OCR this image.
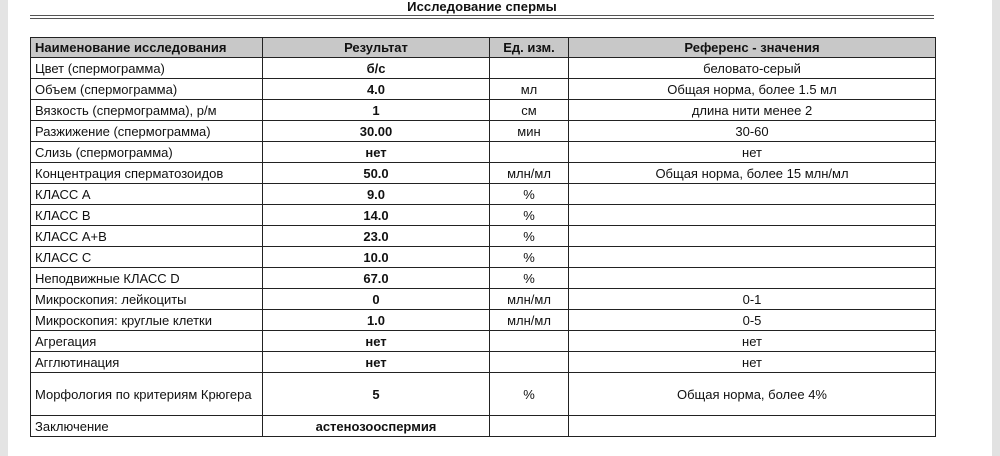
Исследование спермы
Наименование исследования	Результат	Ед. изм.	Референс - значения
Цвет (спермограмма)	б/с		беловато-серый
Объем (спермограмма)	4.0	мл	Общая норма, более 1.5 мл
Вязкость (спермограмма), р/м	1	см	длина нити менее 2
Разжижение (спермограмма)	30.00	мин	30-60
Слизь (спермограмма)	нет		нет
Концентрация сперматозоидов	50.0	млн/мл	Общая норма, более 15 млн/мл
КЛАСС А	9.0	%	
КЛАСС В	14.0	%	
КЛАСС А+В	23.0	%	
КЛАСС С	10.0	%	
Неподвижные КЛАСС D	67.0	%	
Микроскопия: лейкоциты	0	млн/мл	0-1
Микроскопия: круглые клетки	1.0	млн/мл	0-5
Агрегация	нет		нет
Агглютинация	нет		нет
Морфология по критериям Крюгера	5	%	Общая норма, более 4%
Заключение	астенозооспермия		
